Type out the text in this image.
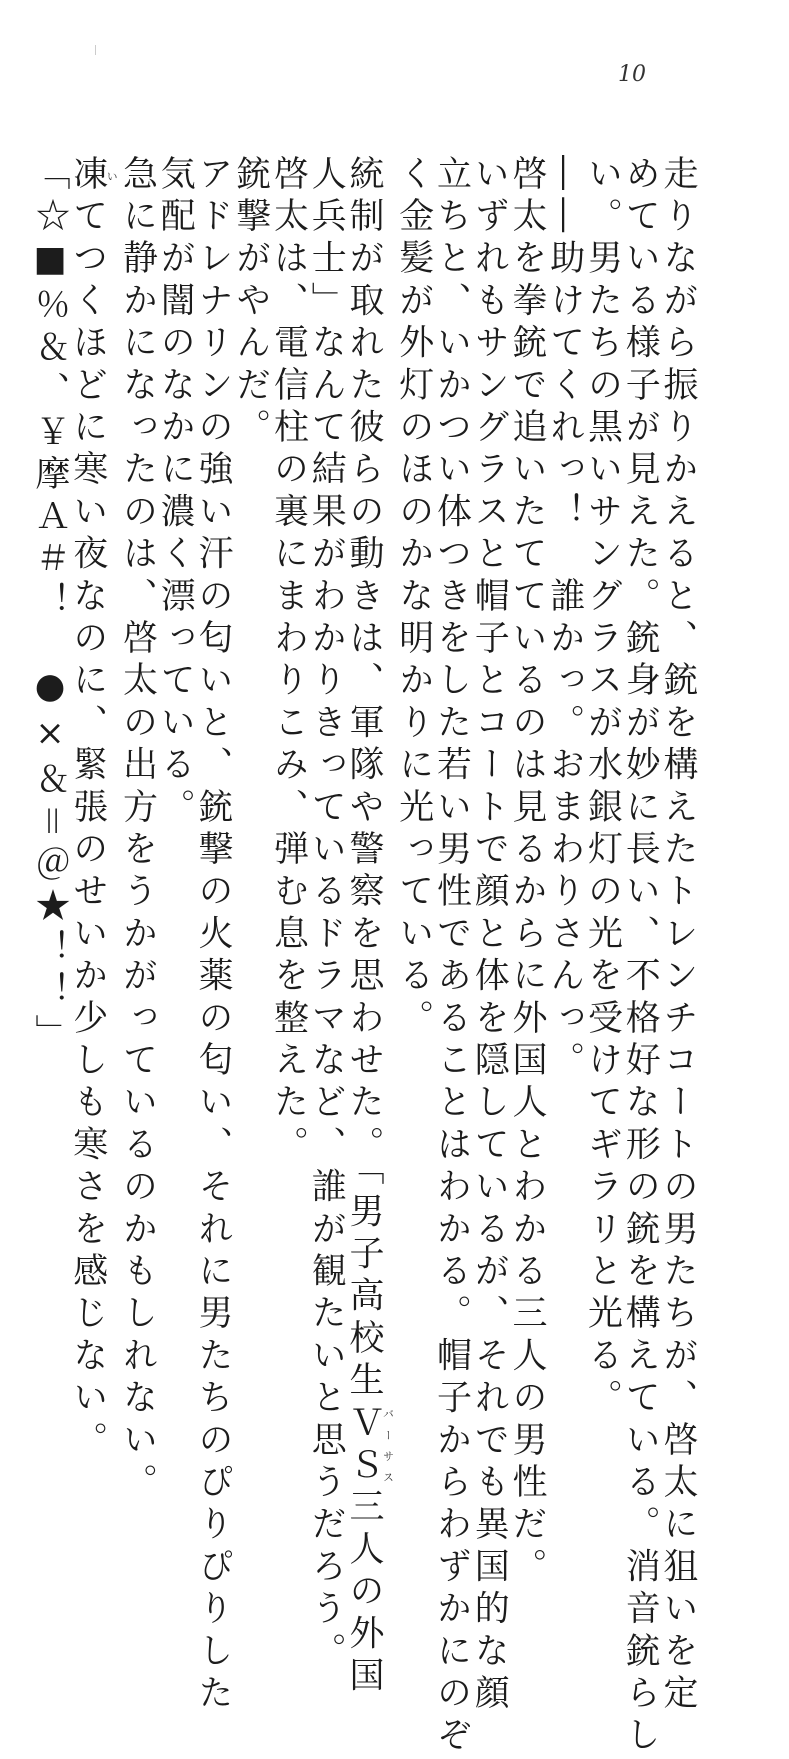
10
走りながら振りかえると、銃を構えたトレンチコートの男たちが、啓太に狙いを定
めている様子が見えた。銃身が妙に長い、不格好な形の銃を構えている。消音銃らし
い。男たちの黒いサングラスが水銀灯の光を受けてギラリと光る。
――助けてくれっ！　誰かっ。おまわりさんっ。
啓太を拳銃で追いたてているのは見るからに外国人とわかる三人の男性だ。
いずれもサングラスと帽子とコートで顔と体を隠しているが、それでも異国的な顔
立ちと、いかつい体つきをした若い男性であることはわかる。帽子からわずかにのぞ
く金髪が外灯のほのかな明かりに光っている。
統制が取れた彼らの動きは、軍隊や警察を思わせた。「男子高校生ＶＳバーサス三人の外国
人兵士」なんて結果がわかりきっているドラマなど、誰が観たいと思うだろう。
啓太は、電信柱の裏にまわりこみ、弾む息を整えた。
銃撃がやんだ。
アドレナリンの強い汗の匂いと、銃撃の火薬の匂い、それに男たちのぴりぴりした
気配が闇のなかに濃く漂っている。
急に静かになったのは、啓太の出方をうかがっているのかもしれない。
凍いてつくほどに寒い夜なのに、緊張のせいか少しも寒さを感じない。
「☆■％＆、￥摩Ａ＃！　●×＆＝＠★！！」
